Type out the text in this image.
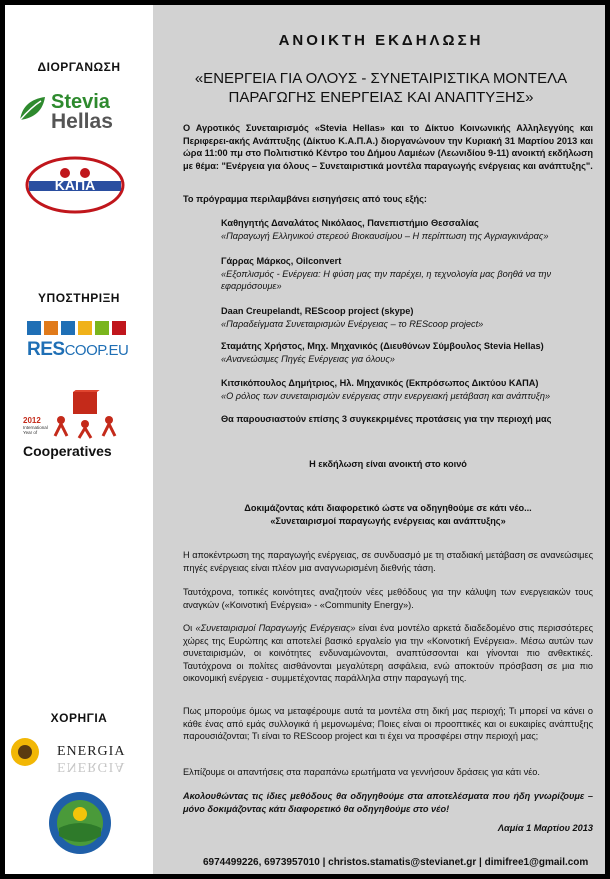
ΔΙΟΡΓΑΝΩΣΗ
Stevia
Hellas
ΚΑΠΑ
ΥΠΟΣΤΗΡΙΞΗ
RESCOOP.EU
2012
International Year of
Cooperatives
ΧΟΡΗΓΙΑ
ENERGIA
ENERGIA
ΑΝΟΙΚΤΗ ΕΚΔΗΛΩΣΗ
«ΕΝΕΡΓΕΙΑ ΓΙΑ ΟΛΟΥΣ - ΣΥΝΕΤΑΙΡΙΣΤΙΚΑ ΜΟΝΤΕΛΑ
ΠΑΡΑΓΩΓΗΣ ΕΝΕΡΓΕΙΑΣ ΚΑΙ ΑΝΑΠΤΥΞΗΣ»
Ο Αγροτικός Συνεταιρισμός «Stevia Hellas» και το Δίκτυο Κοινωνικής Αλληλεγγύης και Περιφερει-ακής Ανάπτυξης (Δίκτυο Κ.Α.Π.Α.) διοργανώνουν την Κυριακή 31 Μαρτίου 2013 και ώρα 11:00 πμ στο Πολιτιστικό Κέντρο του Δήμου Λαμιέων (Λεωνιδίου 9-11) ανοικτή εκδήλωση με θέμα: "Ενέργεια για όλους – Συνεταιριστικά μοντέλα παραγωγής ενέργειας και ανάπτυξης".
Το πρόγραμμα περιλαμβάνει εισηγήσεις από τους εξής:
Καθηγητής Δαναλάτος Νικόλαος, Πανεπιστήμιο Θεσσαλίας
«Παραγωγή Ελληνικού στερεού Βιοκαυσίμου – Η περίπτωση της Αγριαγκινάρας»
Γάρρας Μάρκος, Oilconvert
«Εξοπλισμός - Ενέργεια: Η φύση μας την παρέχει, η τεχνολογία μας βοηθά να την εφαρμόσουμε»
Daan Creupelandt, REScoop project (skype)
«Παραδείγματα Συνεταιρισμών Ενέργειας – το REScoop project»
Σταμάτης Χρήστος, Μηχ. Μηχανικός (Διευθύνων Σύμβουλος Stevia Hellas)
«Ανανεώσιμες Πηγές Ενέργειας για όλους»
Κιτσικόπουλος Δημήτριος, Ηλ. Μηχανικός (Εκπρόσωπος Δικτύου ΚΑΠΑ)
«Ο ρόλος των συνεταιρισμών ενέργειας στην ενεργειακή μετάβαση και ανάπτυξη»
Θα παρουσιαστούν επίσης 3 συγκεκριμένες προτάσεις για την περιοχή μας
Η εκδήλωση είναι ανοικτή στο κοινό
Δοκιμάζοντας κάτι διαφορετικό ώστε να οδηγηθούμε σε κάτι νέο...
«Συνεταιρισμοί παραγωγής ενέργειας και ανάπτυξης»
Η αποκέντρωση της παραγωγής ενέργειας, σε συνδυασμό με τη σταδιακή μετάβαση σε ανανεώσιμες πηγές ενέργειας είναι πλέον μια αναγνωρισμένη διεθνής τάση.
Ταυτόχρονα, τοπικές κοινότητες αναζητούν νέες μεθόδους για την κάλυψη των ενεργειακών τους αναγκών («Κοινοτική Ενέργεια» - «Community Energy»).
Οι «Συνεταιρισμοί Παραγωγής Ενέργειας» είναι ένα μοντέλο αρκετά διαδεδομένο στις περισσότερες χώρες της Ευρώπης και αποτελεί βασικό εργαλείο για την «Κοινοτική Ενέργεια». Μέσω αυτών των συνεταιρισμών, οι κοινότητες ενδυναμώνονται, αναπτύσσονται και γίνονται πιο ανθεκτικές. Ταυτόχρονα οι πολίτες αισθάνονται μεγαλύτερη ασφάλεια, ενώ αποκτούν πρόσβαση σε μια πιο οικονομική ενέργεια - συμμετέχοντας παράλληλα στην παραγωγή της.
Πως μπορούμε όμως να μεταφέρουμε αυτά τα μοντέλα στη δική μας περιοχή; Τι μπορεί να κάνει ο κάθε ένας από εμάς συλλογικά ή μεμονωμένα; Ποιες είναι οι προοπτικές και οι ευκαιρίες ανάπτυξης παρουσιάζονται; Τι είναι το REScoop project και τι έχει να προσφέρει στην περιοχή μας;
Ελπίζουμε οι απαντήσεις στα παραπάνω ερωτήματα να γεννήσουν δράσεις για κάτι νέο.
Ακολουθώντας τις ίδιες μεθόδους θα οδηγηθούμε στα αποτελέσματα που ήδη γνωρίζουμε – μόνο δοκιμάζοντας κάτι διαφορετικό θα οδηγηθούμε στο νέο!
Λαμία 1 Μαρτίου 2013
6974499226, 6973957010 | christos.stamatis@stevianet.gr | dimifree1@gmail.com
